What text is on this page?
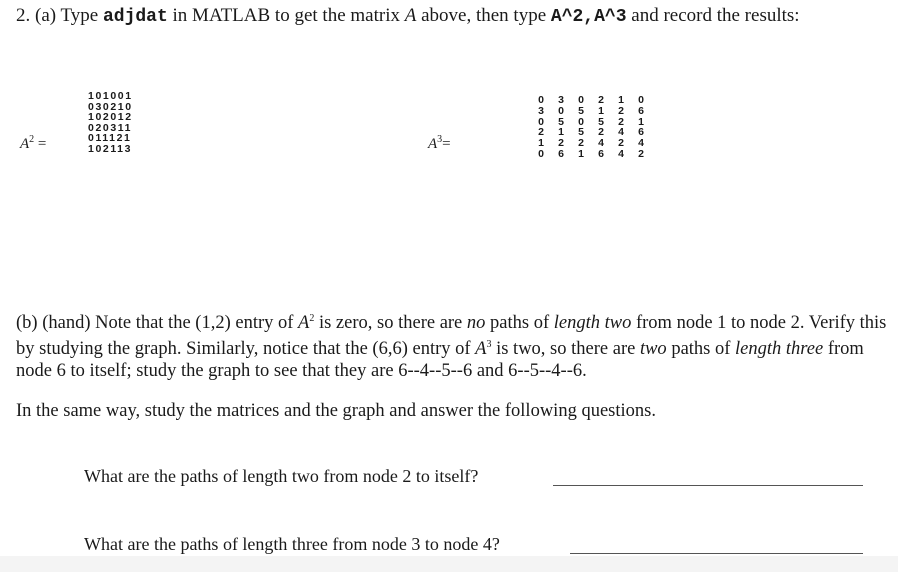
2. (a) Type adjdat in MATLAB to get the matrix A above, then type A^2,A^3 and record the results:
$A^2$ =
101001
030210
102012
020311
011121
102113	$A^3=$
0	3	0	2	1	0
3	0	5	1	2	6
0	5	0	5	2	1
2	1	5	2	4	6
1	2	2	4	2	4
0	6	1	6	4	2
(b) (hand) Note that the (1,2) entry of $A^2$ is zero, so there are no paths of length two from node 1 to node 2. Verify this by studying the graph. Similarly, notice that the (6,6) entry of $A^3$ is two, so there are two paths of length three from node 6 to itself; study the graph to see that they are 6--4--5--6 and 6--5--4--6.
In the same way, study the matrices and the graph and answer the following questions.
What are the paths of length two from node 2 to itself?
What are the paths of length three from node 3 to node 4?
